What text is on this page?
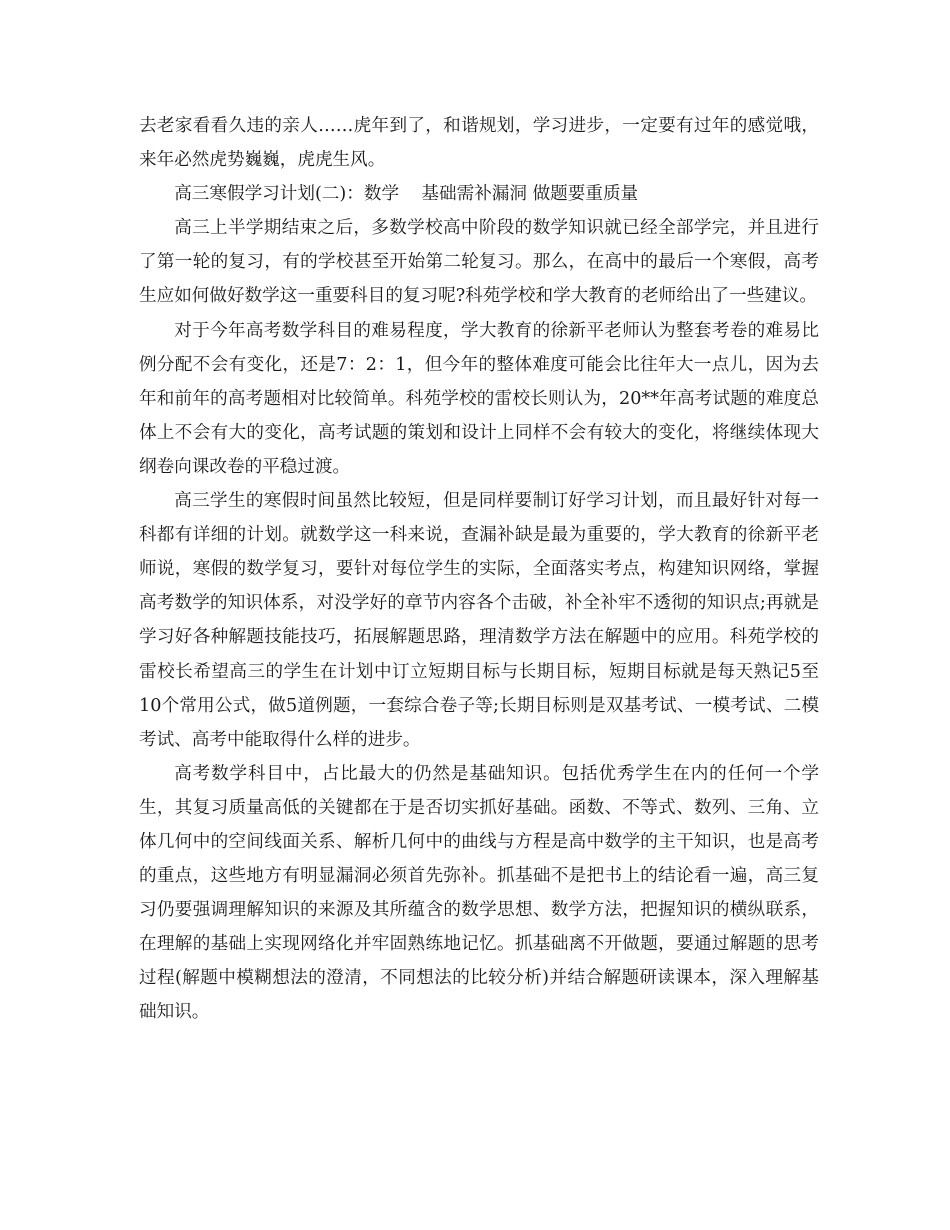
去老家看看久违的亲人……虎年到了，和谐规划，学习进步，一定要有过年的感觉哦，来年必然虎势巍巍，虎虎生风。

高三寒假学习计划(二)：数学    基础需补漏洞 做题要重质量

高三上半学期结束之后，多数学校高中阶段的数学知识就已经全部学完，并且进行了第一轮的复习，有的学校甚至开始第二轮复习。那么，在高中的最后一个寒假，高考生应如何做好数学这一重要科目的复习呢?科苑学校和学大教育的老师给出了一些建议。

对于今年高考数学科目的难易程度，学大教育的徐新平老师认为整套考卷的难易比例分配不会有变化，还是7：2：1，但今年的整体难度可能会比往年大一点儿，因为去年和前年的高考题相对比较简单。科苑学校的雷校长则认为，20**年高考试题的难度总体上不会有大的变化，高考试题的策划和设计上同样不会有较大的变化，将继续体现大纲卷向课改卷的平稳过渡。

高三学生的寒假时间虽然比较短，但是同样要制订好学习计划，而且最好针对每一科都有详细的计划。就数学这一科来说，查漏补缺是最为重要的，学大教育的徐新平老师说，寒假的数学复习，要针对每位学生的实际，全面落实考点，构建知识网络，掌握高考数学的知识体系，对没学好的章节内容各个击破，补全补牢不透彻的知识点;再就是学习好各种解题技能技巧，拓展解题思路，理清数学方法在解题中的应用。科苑学校的雷校长希望高三的学生在计划中订立短期目标与长期目标，短期目标就是每天熟记5至10个常用公式，做5道例题，一套综合卷子等;长期目标则是双基考试、一模考试、二模考试、高考中能取得什么样的进步。

高考数学科目中，占比最大的仍然是基础知识。包括优秀学生在内的任何一个学生，其复习质量高低的关键都在于是否切实抓好基础。函数、不等式、数列、三角、立体几何中的空间线面关系、解析几何中的曲线与方程是高中数学的主干知识，也是高考的重点，这些地方有明显漏洞必须首先弥补。抓基础不是把书上的结论看一遍，高三复习仍要强调理解知识的来源及其所蕴含的数学思想、数学方法，把握知识的横纵联系，在理解的基础上实现网络化并牢固熟练地记忆。抓基础离不开做题，要通过解题的思考过程(解题中模糊想法的澄清，不同想法的比较分析)并结合解题研读课本，深入理解基础知识。
